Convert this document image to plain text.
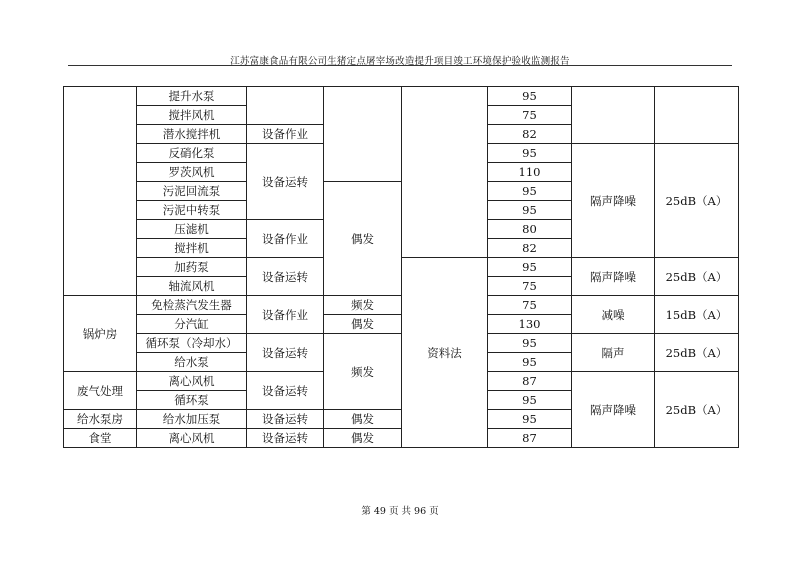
江苏富康食品有限公司生猪定点屠宰场改造提升项目竣工环境保护验收监测报告
	提升水泵				95		
	搅拌风机				75		
	潜水搅拌机	设备作业			82		
	反硝化泵	设备运转			95	隔声降噪	25dB（A）
	罗茨风机				110		
	污泥回流泵		偶发		95		
	污泥中转泵				95		
	压滤机	设备作业			80		
	搅拌机				82		
	加药泵	设备运转		资料法	95	隔声降噪	25dB（A）
	轴流风机				75		
锅炉房	免检蒸汽发生器	设备作业	频发		75	减噪	15dB（A）
	分汽缸		偶发		130		
	循环泵（冷却水）	设备运转	频发		95	隔声	25dB（A）
	给水泵				95		
废气处理	离心风机	设备运转			87	隔声降噪	25dB（A）
	循环泵				95		
给水泵房	给水加压泵	设备运转	偶发		95		
食堂	离心风机	设备运转	偶发		87		
第 49 页 共 96 页
